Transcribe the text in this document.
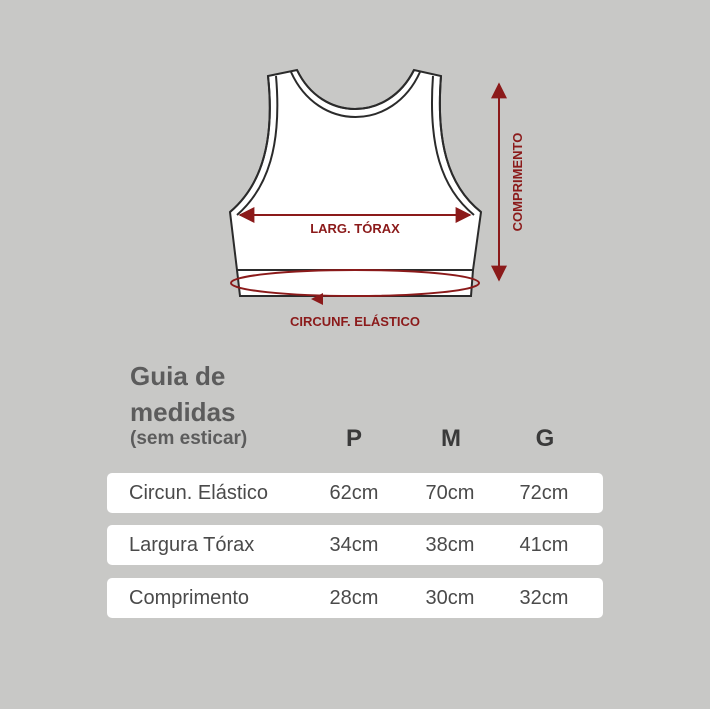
LARG. TÓRAX
CIRCUNF. ELÁSTICO
COMPRIMENTO
Guia de
medidas
(sem esticar)	P	M	G
Circun. Elástico	62cm	70cm	72cm
Largura Tórax	34cm	38cm	41cm
Comprimento	28cm	30cm	32cm
